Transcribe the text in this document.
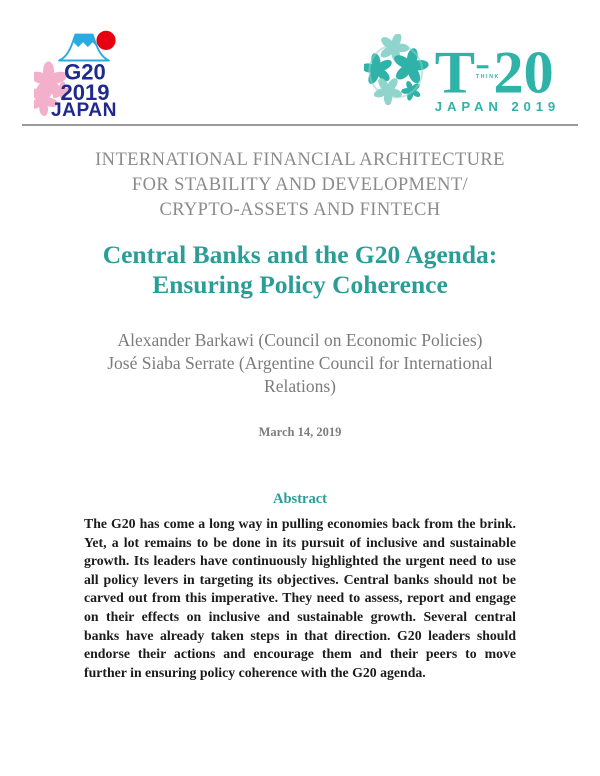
G20
2019
JAPAN
T THINK
20
JAPAN 2019
INTERNATIONAL FINANCIAL ARCHITECTURE
FOR STABILITY AND DEVELOPMENT/
CRYPTO-ASSETS AND FINTECH
Central Banks and the G20 Agenda:
Ensuring Policy Coherence
Alexander Barkawi (Council on Economic Policies)
José Siaba Serrate (Argentine Council for International Relations)
March 14, 2019
Abstract

The G20 has come a long way in pulling economies back from the brink. Yet, a lot remains to be done in its pursuit of inclusive and sustainable growth. Its leaders have continuously highlighted the urgent need to use all policy levers in targeting its objectives. Central banks should not be carved out from this imperative. They need to assess, report and engage on their effects on inclusive and sustainable growth. Several central banks have already taken steps in that direction. G20 leaders should endorse their actions and encourage them and their peers to move further in ensuring policy coherence with the G20 agenda.
